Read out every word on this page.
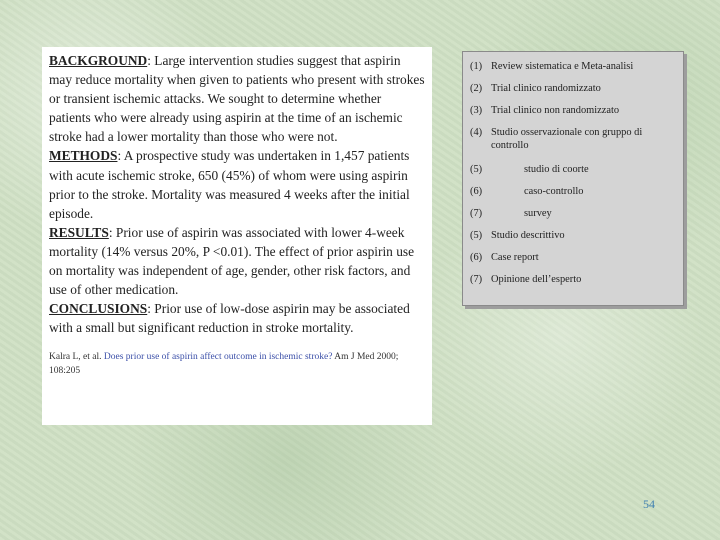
BACKGROUND: Large intervention studies suggest that aspirin may reduce mortality when given to patients who present with strokes or transient ischemic attacks. We sought to determine whether patients who were already using aspirin at the time of an ischemic stroke had a lower mortality than those who were not.
METHODS: A prospective study was undertaken in 1,457 patients with acute ischemic stroke, 650 (45%) of whom were using aspirin prior to the stroke. Mortality was measured 4 weeks after the initial episode.
RESULTS: Prior use of aspirin was associated with lower 4-week mortality (14% versus 20%, P <0.01). The effect of prior aspirin use on mortality was independent of age, gender, other risk factors, and use of other medication.
CONCLUSIONS: Prior use of low-dose aspirin may be associated with a small but significant reduction in stroke mortality.

Kalra L, et al. Does prior use of aspirin affect outcome in ischemic stroke? Am J Med 2000; 108:205
(1) Review sistematica e Meta-analisi
(2) Trial clinico randomizzato
(3) Trial clinico non randomizzato
(4) Studio osservazionale con gruppo di controllo
(5)	studio di coorte
(6)	caso-controllo
(7)	survey
(5) Studio descrittivo
(6) Case report
(7) Opinione dell’esperto
54
